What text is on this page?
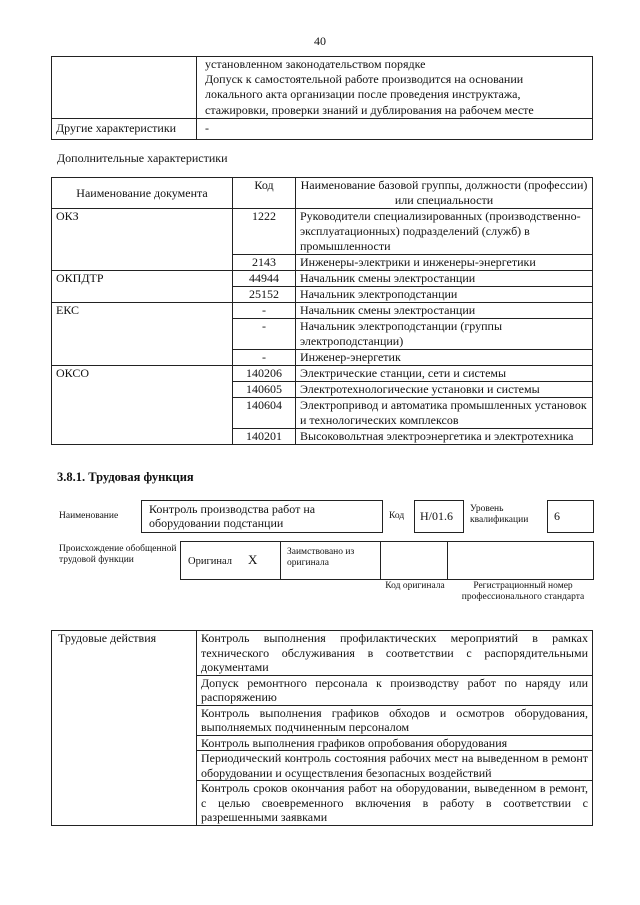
40

	установленном законодательством порядке
Допуск к самостоятельной работе производится на основании
локального акта организации после проведения инструктажа,
стажировки, проверки знаний и дублирования на рабочем месте

Другие характеристики	-
Дополнительные характеристики
Наименование документа	Код	Наименование базовой группы, должности (профессии) или специальности
ОКЗ	1222	Руководители специализированных (производственно-эксплуатационных) подразделений (служб) в промышленности
	2143	Инженеры-электрики и инженеры-энергетики
ОКПДТР	44944	Начальник смены электростанции
	25152	Начальник электроподстанции
ЕКС	-	Начальник смены электростанции
	-	Начальник электроподстанции (группы электроподстанции)
	-	Инженер-энергетик
ОКСО	140206	Электрические станции, сети и системы
	140605	Электротехнологические установки и системы
	140604	Электропривод и автоматика промышленных установок и технологических комплексов
	140201	Высоковольтная электроэнергетика и электротехника
3.8.1. Трудовая функция
Наименование	Контроль производства работ на оборудовании подстанции	Код H/01.6 Уровень квалификации	6
Происхождение обобщенной трудовой функции	Оригинал X	Заимствовано из оригинала
Код оригинала	Регистрационный номер профессионального стандарта
Трудовые действия	Контроль выполнения профилактических мероприятий в рамках технического обслуживания в соответствии с распорядительными документами
Допуск ремонтного персонала к производству работ по наряду или распоряжению
Контроль выполнения графиков обходов и осмотров оборудования, выполняемых подчиненным персоналом
Контроль выполнения графиков опробования оборудования
Периодический контроль состояния рабочих мест на выведенном в ремонт оборудовании и осуществления безопасных воздействий
Контроль сроков окончания работ на оборудовании, выведенном в ремонт, с целью своевременного включения в работу в соответствии с разрешенными заявками
